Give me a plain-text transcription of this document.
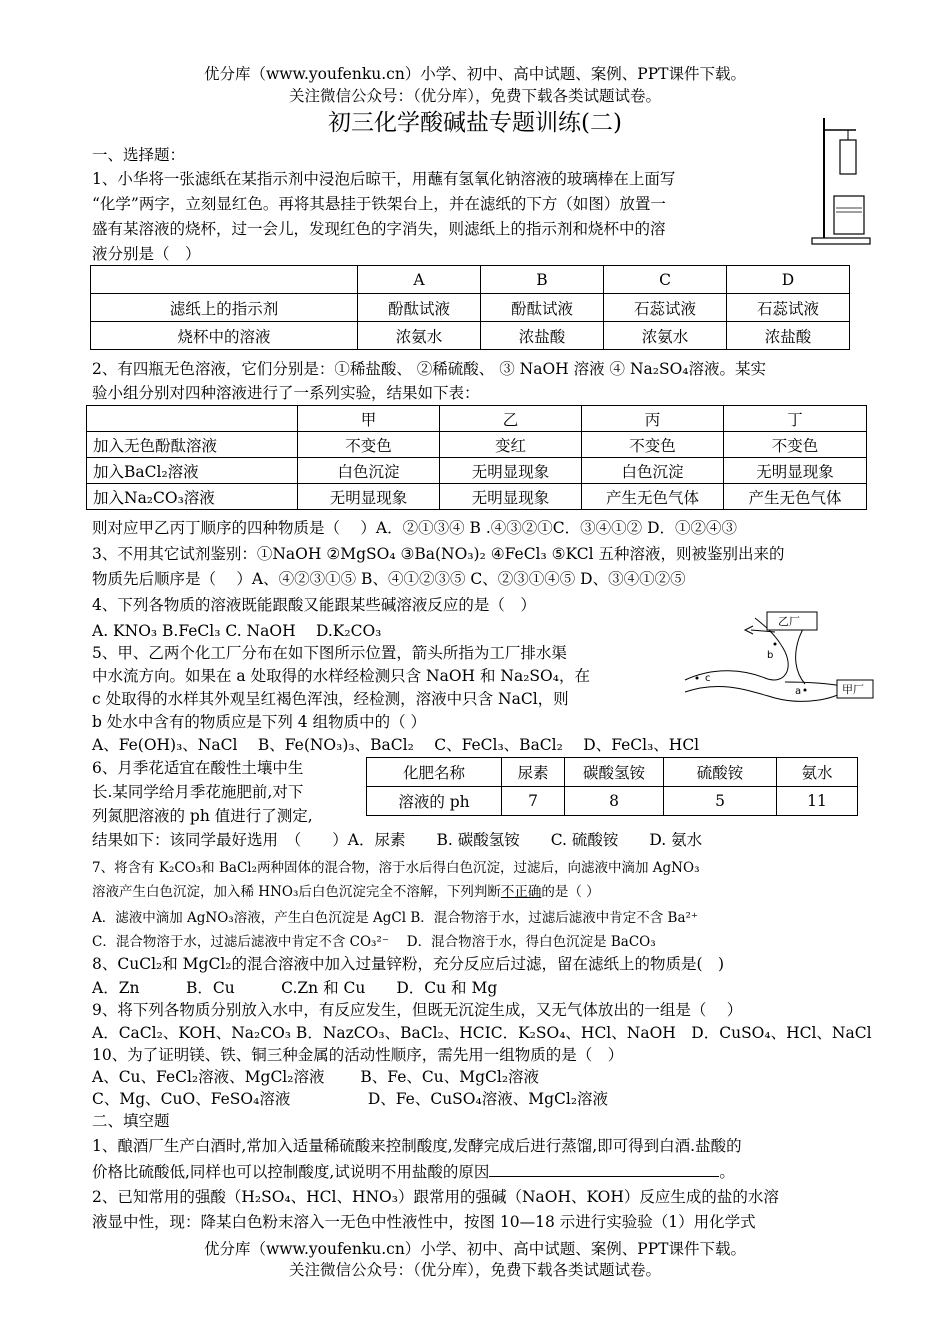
优分库（www.youfenku.cn）小学、初中、高中试题、案例、PPT课件下载。
关注微信公众号：（优分库），免费下载各类试题试卷。
初三化学酸碱盐专题训练(二)
一、选择题：
1、小华将一张滤纸在某指示剂中浸泡后晾干，用蘸有氢氧化钠溶液的玻璃棒在上面写
“化学”两字，立刻显红色。再将其悬挂于铁架台上，并在滤纸的下方（如图）放置一
盛有某溶液的烧杯，过一会儿，发现红色的字消失，则滤纸上的指示剂和烧杯中的溶
液分别是（　）
	A	B	C	D
滤纸上的指示剂	酚酞试液	酚酞试液	石蕊试液	石蕊试液
烧杯中的溶液	浓氨水	浓盐酸	浓氨水	浓盐酸
2、有四瓶无色溶液，它们分别是：①稀盐酸、 ②稀硫酸、 ③ NaOH 溶液 ④ Na₂SO₄溶液。某实
验小组分别对四种溶液进行了一系列实验，结果如下表：
	甲	乙	丙	丁
加入无色酚酞溶液	不变色	变红	不变色	不变色
加入BaCl₂溶液	白色沉淀	无明显现象	白色沉淀	无明显现象
加入Na₂CO₃溶液	无明显现象	无明显现象	产生无色气体	产生无色气体
则对应甲乙丙丁顺序的四种物质是（　 ）A．②①③④ B .④③②①C．③④①② D．①②④③
3、不用其它试剂鉴别：①NaOH ②MgSO₄ ③Ba(NO₃)₂ ④FeCl₃ ⑤KCl 五种溶液，则被鉴别出来的
物质先后顺序是（　 ）A、④②③①⑤ B、④①②③⑤ C、②③①④⑤ D、③④①②⑤
4、下列各物质的溶液既能跟酸又能跟某些碱溶液反应的是（　）
A. KNO₃ B.FeCl₃ C. NaOH　 D.K₂CO₃
5、甲、乙两个化工厂分布在如下图所示位置，箭头所指为工厂排水渠
中水流方向。如果在 a 处取得的水样经检测只含 NaOH 和 Na₂SO₄，在
c 处取得的水样其外观呈红褐色浑浊，经检测，溶液中只含 NaCl，则
b 处水中含有的物质应是下列 4 组物质中的（ ）
A、Fe(OH)₃、NaCl　 B、Fe(NO₃)₃、BaCl₂　 C、FeCl₃、BaCl₂　 D、FeCl₃、HCl
乙厂
甲厂
b
c
a
6、月季花适宜在酸性土壤中生
长.某同学给月季花施肥前,对下
列氮肥溶液的 ph 值进行了测定,
结果如下：该同学最好选用　（　　）A．尿素　　B. 碳酸氢铵　　C. 硫酸铵　　D. 氨水
化肥名称	尿素	碳酸氢铵	硫酸铵	氨水
溶液的 ph	7	8	5	11
7、将含有 K₂CO₃和 BaCl₂两种固体的混合物，溶于水后得白色沉淀，过滤后，向滤液中滴加 AgNO₃
溶液产生白色沉淀，加入稀 HNO₃后白色沉淀完全不溶解，下列判断不正确的是（ ）
A．滤液中滴加 AgNO₃溶液，产生白色沉淀是 AgCl B．混合物溶于水，过滤后滤液中肯定不含 Ba²⁺
C．混合物溶于水，过滤后滤液中肯定不含 CO₃²⁻　 D．混合物溶于水，得白色沉淀是 BaCO₃
8、CuCl₂和 MgCl₂的混合溶液中加入过量锌粉，充分反应后过滤，留在滤纸上的物质是(　)
A．Zn　　　B．Cu　　　C.Zn 和 Cu　　D．Cu 和 Mg
9、将下列各物质分别放入水中，有反应发生，但既无沉淀生成，又无气体放出的一组是（　 ）
A．CaCl₂、KOH、Na₂CO₃ B．NazCO₃、BaCl₂、HCIC．K₂SO₄、HCl、NaOH　D．CuSO₄、HCl、NaCl
10、为了证明镁、铁、铜三种金属的活动性顺序，需先用一组物质的是（　）
A、Cu、FeCl₂溶液、MgCl₂溶液　　 B、Fe、Cu、MgCl₂溶液
C、Mg、CuO、FeSO₄溶液　　　　　D、Fe、CuSO₄溶液、MgCl₂溶液
二、填空题
1、酿酒厂生产白酒时,常加入适量稀硫酸来控制酸度,发酵完成后进行蒸馏,即可得到白酒.盐酸的
价格比硫酸低,同样也可以控制酸度,试说明不用盐酸的原因	。
2、已知常用的强酸（H₂SO₄、HCl、HNO₃）跟常用的强碱（NaOH、KOH）反应生成的盐的水溶
液显中性，现：降某白色粉末溶入一无色中性液性中，按图 10—18 示进行实验验（1）用化学式
优分库（www.youfenku.cn）小学、初中、高中试题、案例、PPT课件下载。
关注微信公众号：（优分库），免费下载各类试题试卷。
